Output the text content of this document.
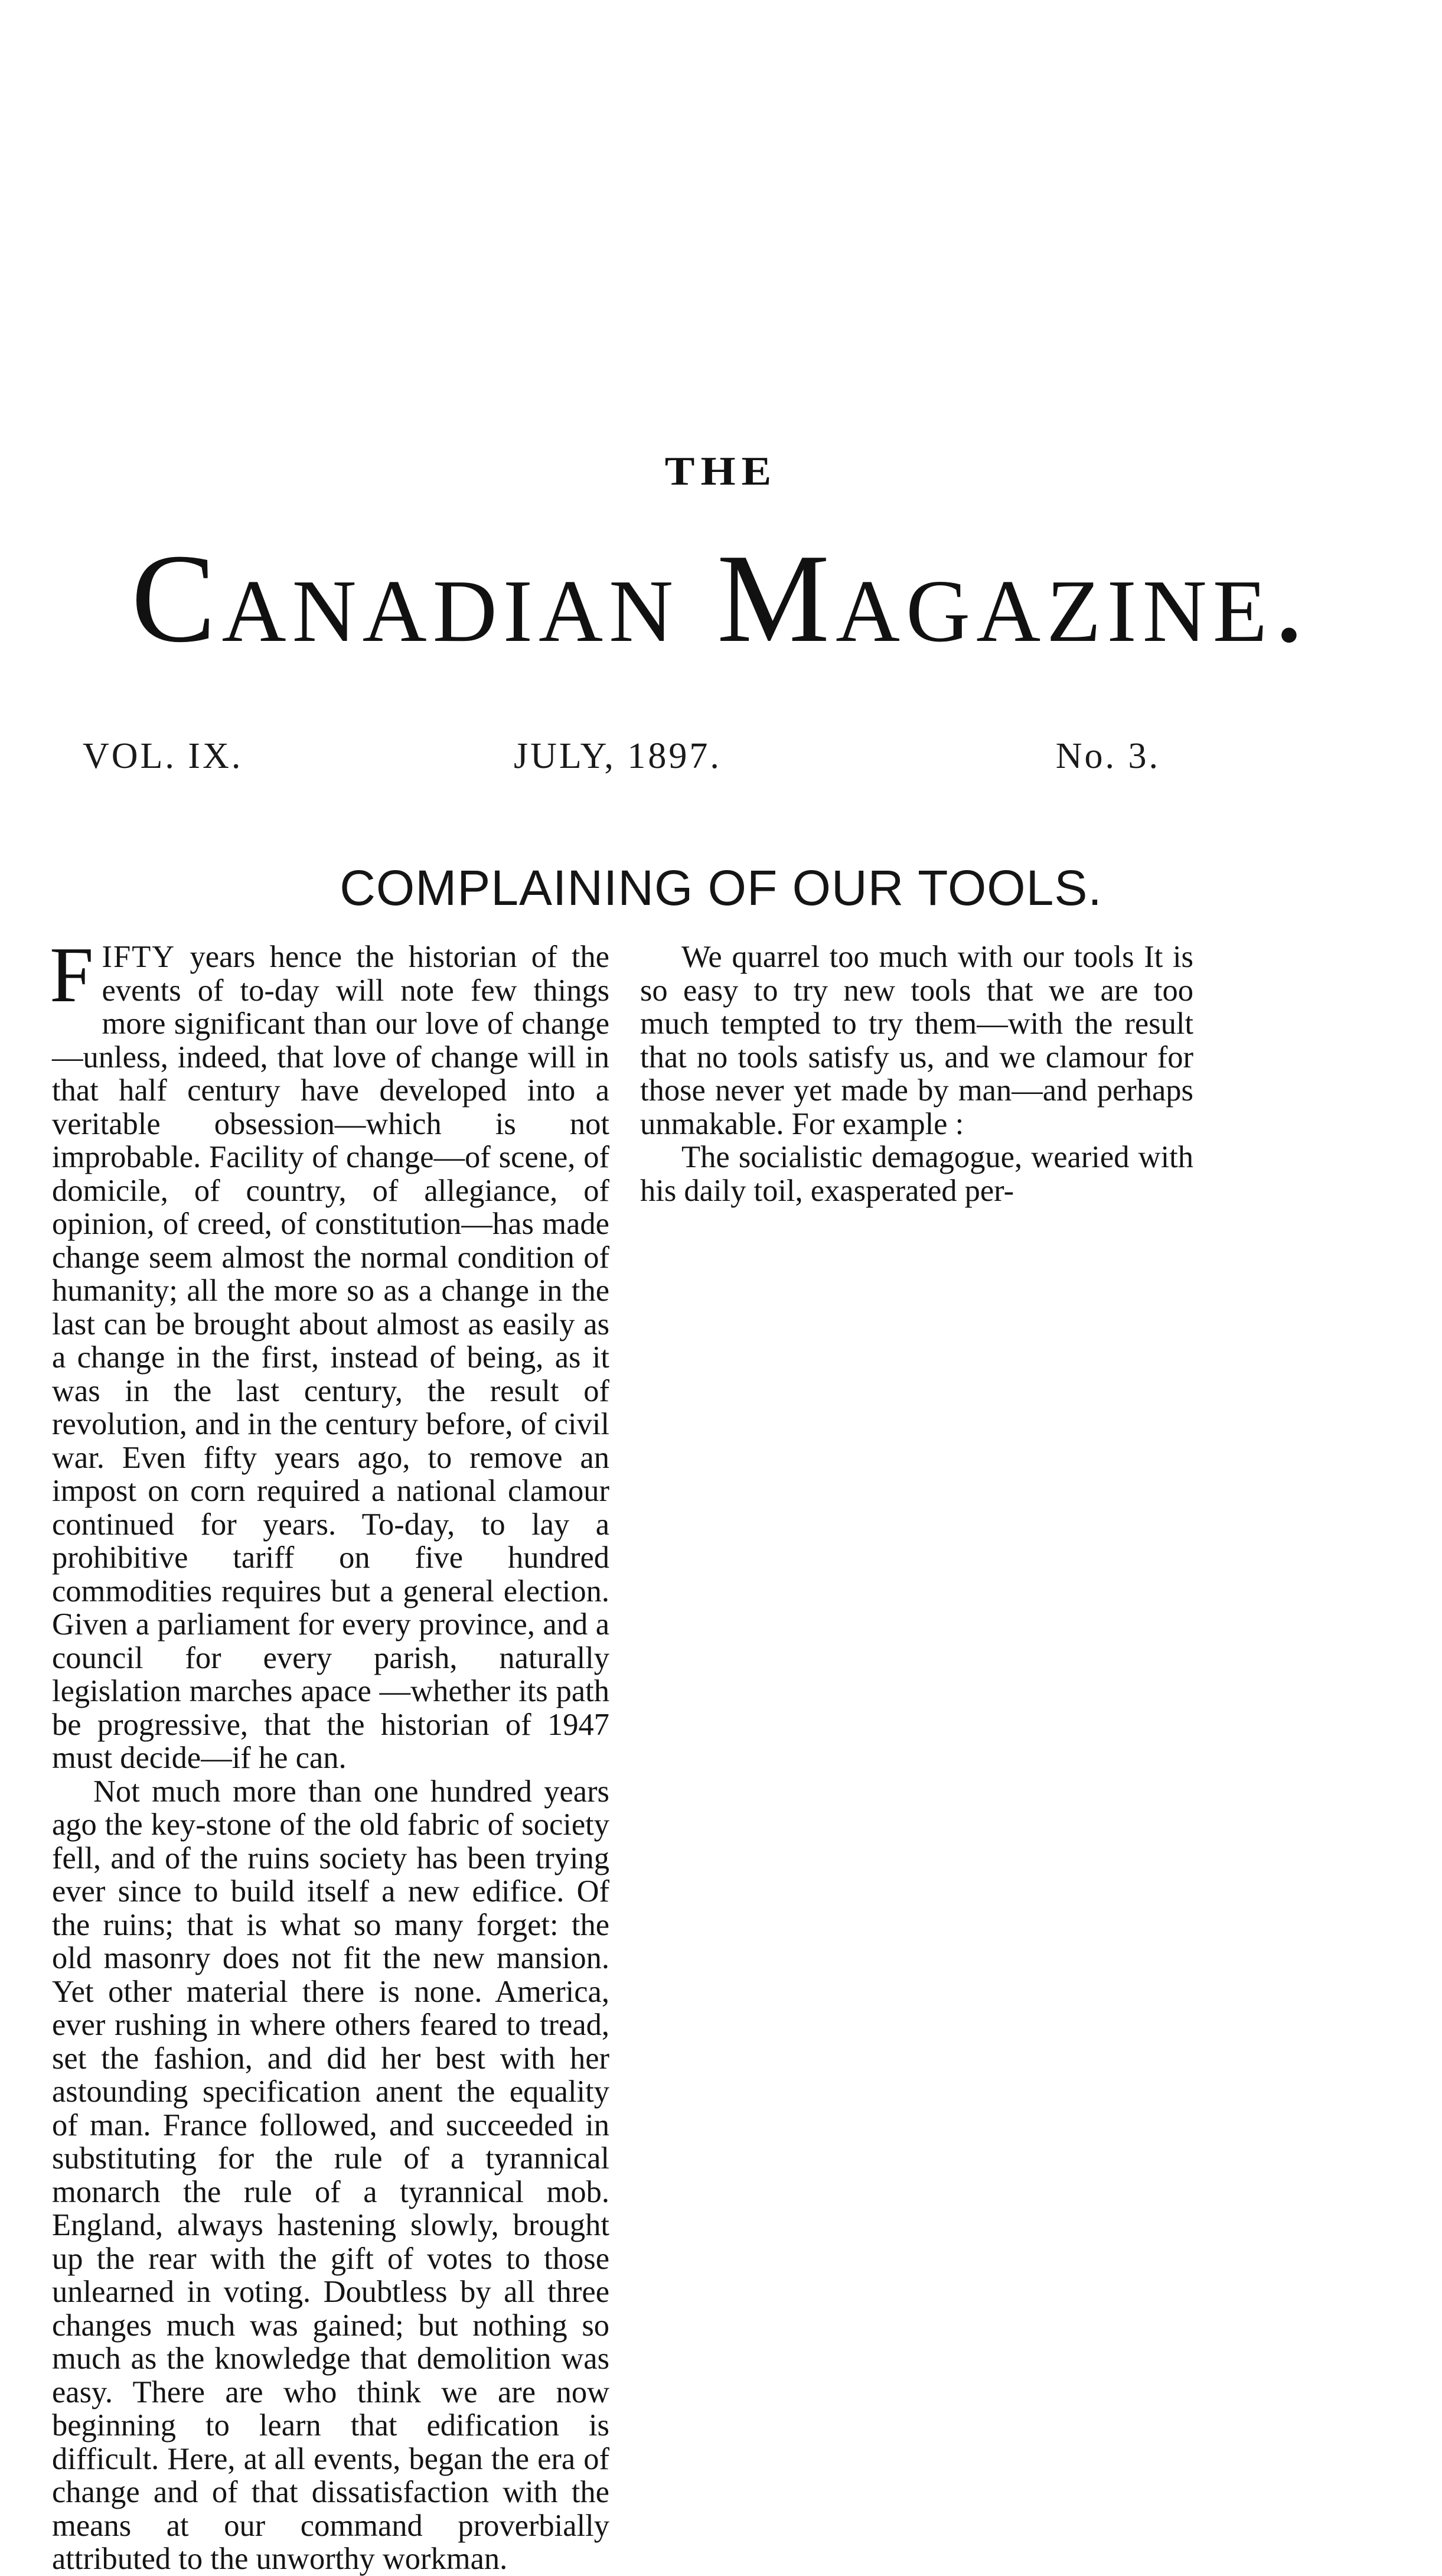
THE
Canadian Magazine.
VOL. IX.	JULY, 1897.	No. 3.
COMPLAINING OF OUR TOOLS.

FIFTY years hence the historian of the events of to-day will note few things more significant than our love of change—unless, indeed, that love of change will in that half century have developed into a veritable obsession—which is not improbable. Facility of change—of scene, of domicile, of country, of allegiance, of opinion, of creed, of constitution—has made change seem almost the normal condition of humanity; all the more so as a change in the last can be brought about almost as easily as a change in the first, instead of being, as it was in the last century, the result of revolution, and in the century before, of civil war. Even fifty years ago, to remove an impost on corn required a national clamour continued for years. To-day, to lay a prohibitive tariff on five hundred commodities requires but a general election. Given a parliament for every province, and a council for every parish, naturally legislation marches apace —whether its path be progressive, that the historian of 1947 must decide—if he can.

Not much more than one hundred years ago the key-stone of the old fabric of society fell, and of the ruins society has been trying ever since to build itself a new edifice. Of the ruins; that is what so many forget: the old masonry does not fit the new mansion. Yet other material there is none. America, ever rushing in where others feared to tread, set the fashion, and did her best with her astounding specification anent the equality of man. France followed, and succeeded in substituting for the rule of a tyrannical monarch the rule of a tyrannical mob. England, always hastening slowly, brought up the rear with the gift of votes to those unlearned in voting. Doubtless by all three changes much was gained; but nothing so much as the knowledge that demolition was easy. There are who think we are now beginning to learn that edification is difficult. Here, at all events, began the era of change and of that dissatisfaction with the means at our command proverbially attributed to the unworthy workman.

We quarrel too much with our tools It is so easy to try new tools that we are too much tempted to try them—with the result that no tools satisfy us, and we clamour for those never yet made by man—and perhaps unmakable. For example :

The socialistic demagogue, wearied with his daily toil, exasperated per-
